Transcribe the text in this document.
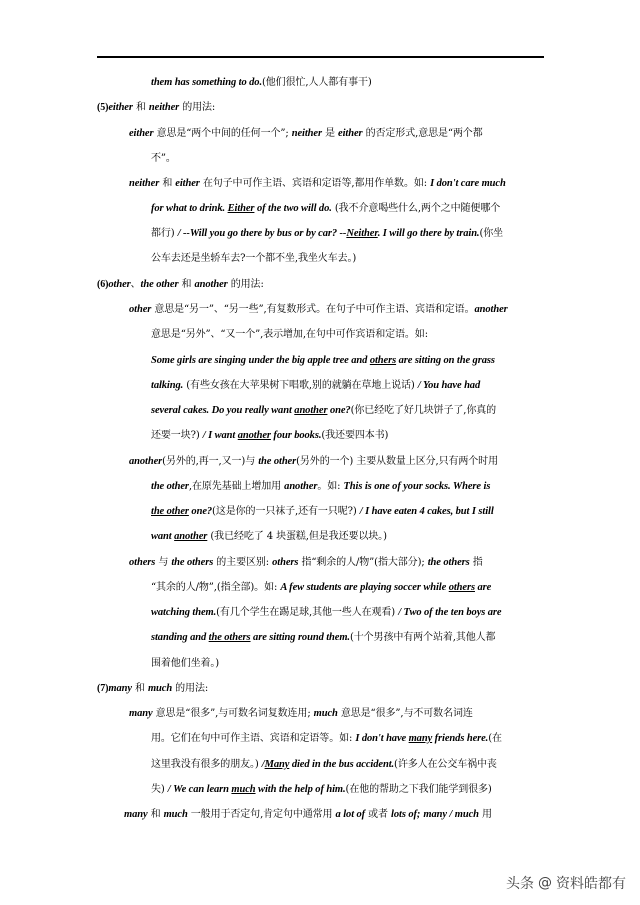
them has something to do.(他们很忙,人人都有事干)
(5)either 和 neither 的用法:
either 意思是“两个中间的任何一个”; neither 是 either 的否定形式,意思是“两个都
不”。
neither 和 either 在句子中可作主语、宾语和定语等,都用作单数。如: I don't care much
for what to drink. Either of the two will do. (我不介意喝些什么,两个之中随便哪个
都行) / --Will you go there by bus or by car? --Neither. I will go there by train.(你坐
公车去还是坐轿车去?一个都不坐,我坐火车去。)
(6)other、the other 和 another 的用法:
other 意思是“另一”、“另一些”,有复数形式。在句子中可作主语、宾语和定语。another
意思是“另外”、“又一个”,表示增加,在句中可作宾语和定语。如:
Some girls are singing under the big apple tree and others are sitting on the grass
talking. (有些女孩在大苹果树下唱歌,别的就躺在草地上说话) / You have had
several cakes. Do you really want another one?(你已经吃了好几块饼子了,你真的
还要一块?) / I want another four books.(我还要四本书)
another(另外的,再一,又一)与 the other(另外的一个) 主要从数量上区分,只有两个时用
the other,在原先基础上增加用 another。如: This is one of your socks. Where is
the other one?(这是你的一只袜子,还有一只呢?) / I have eaten 4 cakes, but I still
want another (我已经吃了 4 块蛋糕,但是我还要以块。)
others 与 the others 的主要区别: others 指“剩余的人/物”(指大部分); the others 指
“其余的人/物”,(指全部)。如: A few students are playing soccer while others are
watching them.(有几个学生在踢足球,其他一些人在观看) / Two of the ten boys are
standing and the others are sitting round them.(十个男孩中有两个站着,其他人都
围着他们坐着。)
(7)many 和 much 的用法:
many 意思是“很多”,与可数名词复数连用; much 意思是“很多”,与不可数名词连
用。它们在句中可作主语、宾语和定语等。如: I don't have many friends here.(在
这里我没有很多的朋友。) /Many died in the bus accident.(许多人在公交车祸中丧
失) / We can learn much with the help of him.(在他的帮助之下我们能学到很多)
many 和 much 一般用于否定句,肯定句中通常用 a lot of 或者 lots of; many / much 用
头条 @ 资料皓都有
